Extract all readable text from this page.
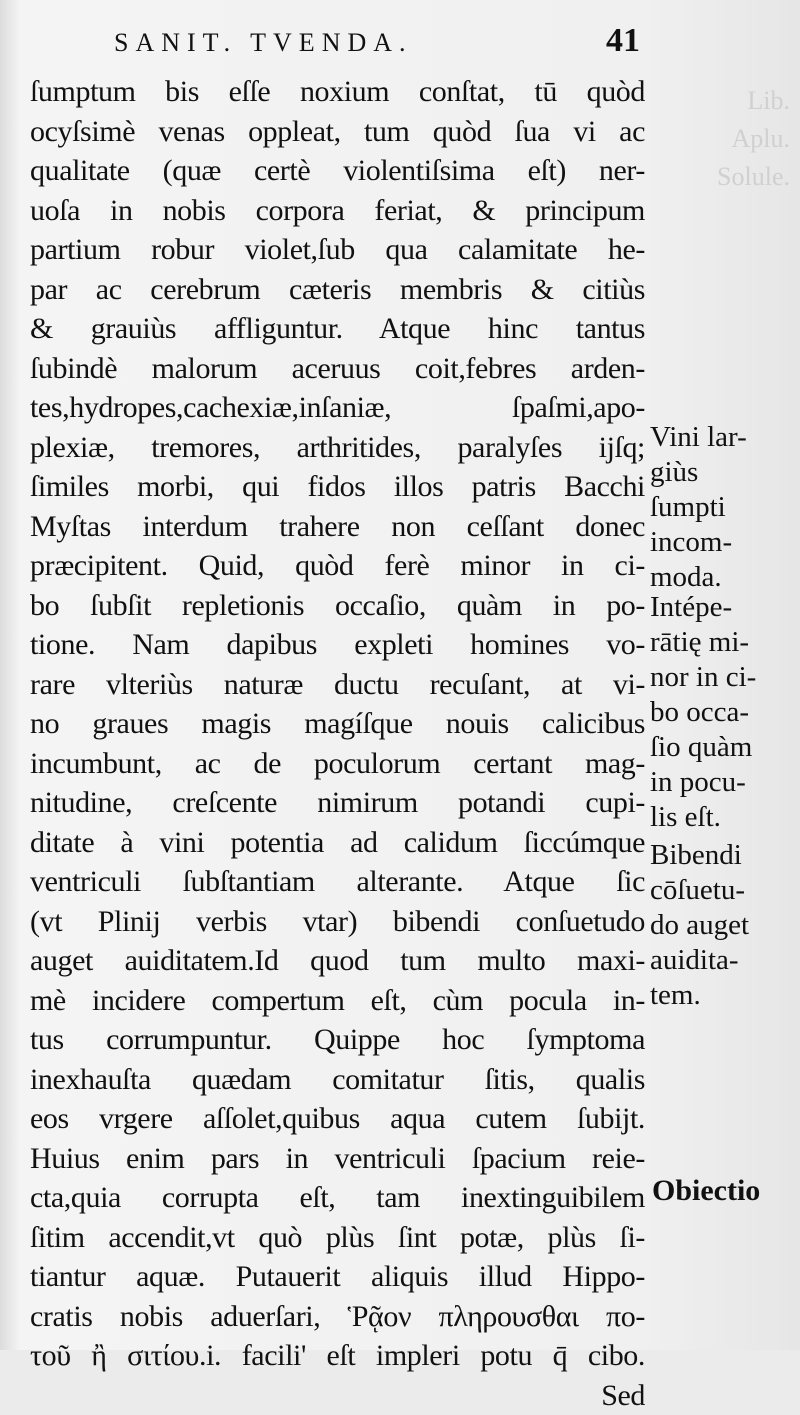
Lib.
Aplu.
Solule.
SANIT. TVENDA.	41
ſumptum bis eſſe noxium conſtat, tū quòd
ocyſsimè venas oppleat, tum quòd ſua vi ac
qualitate (quæ certè violentiſsima eſt) ner-
uoſa in nobis corpora feriat, & principum
partium robur violet,ſub qua calamitate he-
par ac cerebrum cæteris membris & citiùs
& grauiùs affliguntur. Atque hinc tantus
ſubindè malorum aceruus coit,febres arden-
tes,hydropes,cachexiæ,inſaniæ, ſpaſmi,apo-
plexiæ, tremores, arthritides, paralyſes ijſq;
ſimiles morbi, qui fidos illos patris Bacchi
Myſtas interdum trahere non ceſſant donec
præcipitent. Quid, quòd ferè minor in ci-
bo ſubſit repletionis occaſio, quàm in po-
tione. Nam dapibus expleti homines vo-
rare vlteriùs naturæ ductu recuſant, at vi-
no graues magis magíſque nouis calicibus
incumbunt, ac de poculorum certant mag-
nitudine, creſcente nimirum potandi cupi-
ditate à vini potentia ad calidum ſiccúmque
ventriculi ſubſtantiam alterante. Atque ſic
(vt Plinij verbis vtar) bibendi conſuetudo
auget auiditatem.Id quod tum multo maxi-
mè incidere compertum eſt, cùm pocula in-
tus corrumpuntur. Quippe hoc ſymptoma
inexhauſta quædam comitatur ſitis, qualis
eos vrgere aſſolet,quibus aqua cutem ſubijt.
Huius enim pars in ventriculi ſpacium reie-
cta,quia corrupta eſt, tam inextinguibilem
ſitim accendit,vt quò plùs ſint potæ, plùs ſi-
tiantur aquæ. Putauerit aliquis illud Hippo-
cratis nobis aduerſari, Ῥᾷον πληρουσθαι πο-
τοῦ ἢ σιτίου.i. facili' eſt impleri potu q̄ cibo.
Sed
Vini lar-
giùs
ſumpti
incom-
moda.
Intépe-
rātię mi-
nor in ci-
bo occa-
ſio quàm
in pocu-
lis eſt.
Bibendi
cōſuetu-
do auget
auidita-
tem.
Obiectio
